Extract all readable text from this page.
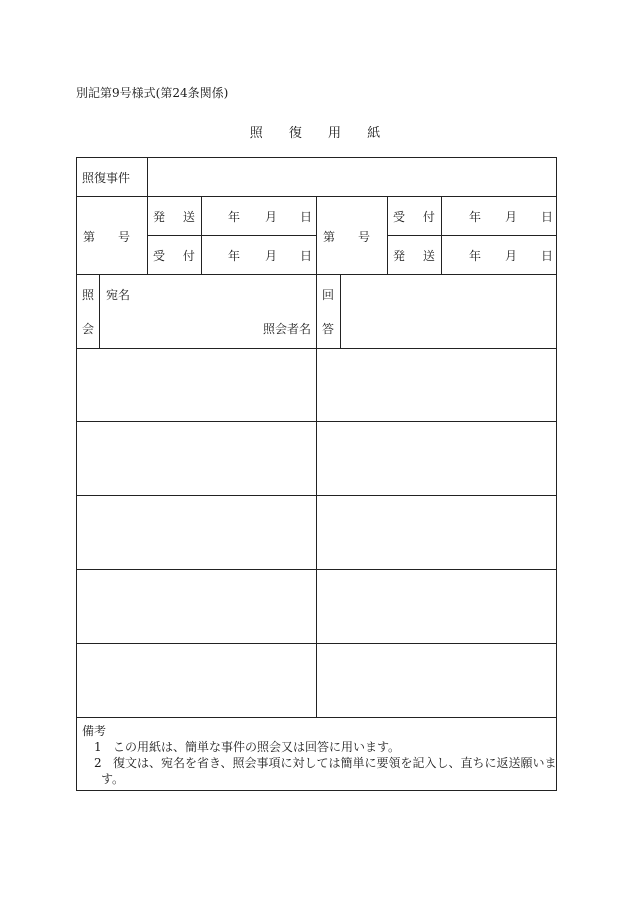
別記第9号様式(第24条関係)
照 復 用 紙
照復事件
第 号
発 送 年 月 日
受 付 年 月 日
第 号
受 付 年 月 日
発 送 年 月 日
照
会
宛名
照会者名
回
答
備考
1 この用紙は、簡単な事件の照会又は回答に用います。
2 復文は、宛名を省き、照会事項に対しては簡単に要領を記入し、直ちに返送願いま
す。
